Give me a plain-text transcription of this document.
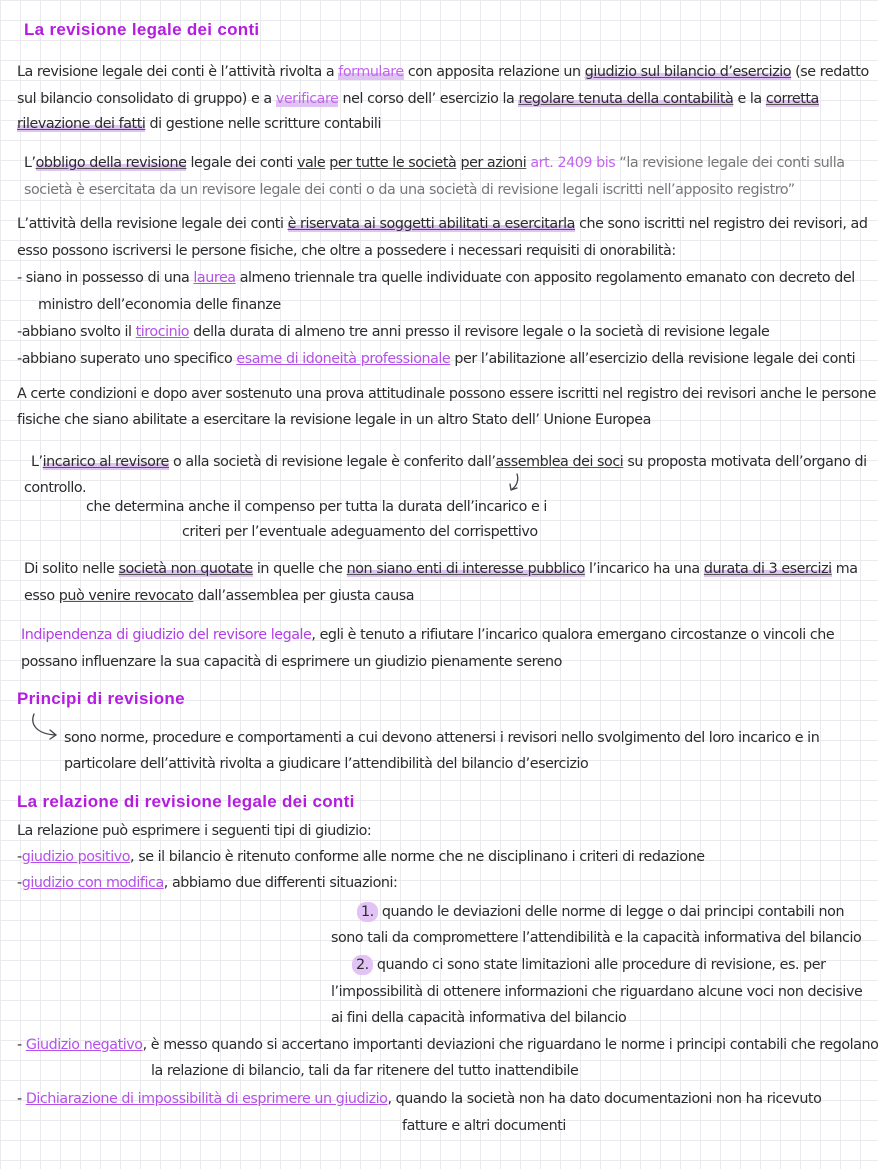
La revisione legale dei conti
La revisione legale dei conti è l’attività rivolta a formulare con apposita relazione un giudizio sul bilancio d’esercizio (se redatto
sul bilancio consolidato di gruppo) e a verificare nel corso dell’ esercizio la regolare tenuta della contabilità e la corretta
rilevazione dei fatti di gestione nelle scritture contabili
L’obbligo della revisione legale dei conti vale per tutte le società per azioni art. 2409 bis “la revisione legale dei conti sulla
società è esercitata da un revisore legale dei conti o da una società di revisione legali iscritti nell’apposito registro”
L’attività della revisione legale dei conti è riservata ai soggetti abilitati a esercitarla che sono iscritti nel registro dei revisori, ad
esso possono iscriversi le persone fisiche, che oltre a possedere i necessari requisiti di onorabilità:
- siano in possesso di una laurea almeno triennale tra quelle individuate con apposito regolamento emanato con decreto del
ministro dell’economia delle finanze
-abbiano svolto il tirocinio della durata di almeno tre anni presso il revisore legale o la società di revisione legale
-abbiano superato uno specifico esame di idoneità professionale per l’abilitazione all’esercizio della revisione legale dei conti
A certe condizioni e dopo aver sostenuto una prova attitudinale possono essere iscritti nel registro dei revisori anche le persone
fisiche che siano abilitate a esercitare la revisione legale in un altro Stato dell’ Unione Europea
L’incarico al revisore o alla società di revisione legale è conferito dall’assemblea dei soci su proposta motivata dell’organo di
controllo.
che determina anche il compenso per tutta la durata dell’incarico e i
criteri per l’eventuale adeguamento del corrispettivo
Di solito nelle società non quotate in quelle che non siano enti di interesse pubblico l’incarico ha una durata di 3 esercizi ma
esso può venire revocato dall’assemblea per giusta causa
Indipendenza di giudizio del revisore legale, egli è tenuto a rifiutare l’incarico qualora emergano circostanze o vincoli che
possano influenzare la sua capacità di esprimere un giudizio pienamente sereno
Principi di revisione
sono norme, procedure e comportamenti a cui devono attenersi i revisori nello svolgimento del loro incarico e in
particolare dell’attività rivolta a giudicare l’attendibilità del bilancio d’esercizio
La relazione di revisione legale dei conti
La relazione può esprimere i seguenti tipi di giudizio:
-giudizio positivo, se il bilancio è ritenuto conforme alle norme che ne disciplinano i criteri di redazione
-giudizio con modifica, abbiamo due differenti situazioni:
1. quando le deviazioni delle norme di legge o dai principi contabili non
sono tali da compromettere l’attendibilità e la capacità informativa del bilancio
2. quando ci sono state limitazioni alle procedure di revisione, es. per
l’impossibilità di ottenere informazioni che riguardano alcune voci non decisive
ai fini della capacità informativa del bilancio
- Giudizio negativo, è messo quando si accertano importanti deviazioni che riguardano le norme i principi contabili che regolano
la relazione di bilancio, tali da far ritenere del tutto inattendibile
- Dichiarazione di impossibilità di esprimere un giudizio, quando la società non ha dato documentazioni non ha ricevuto
fatture e altri documenti
